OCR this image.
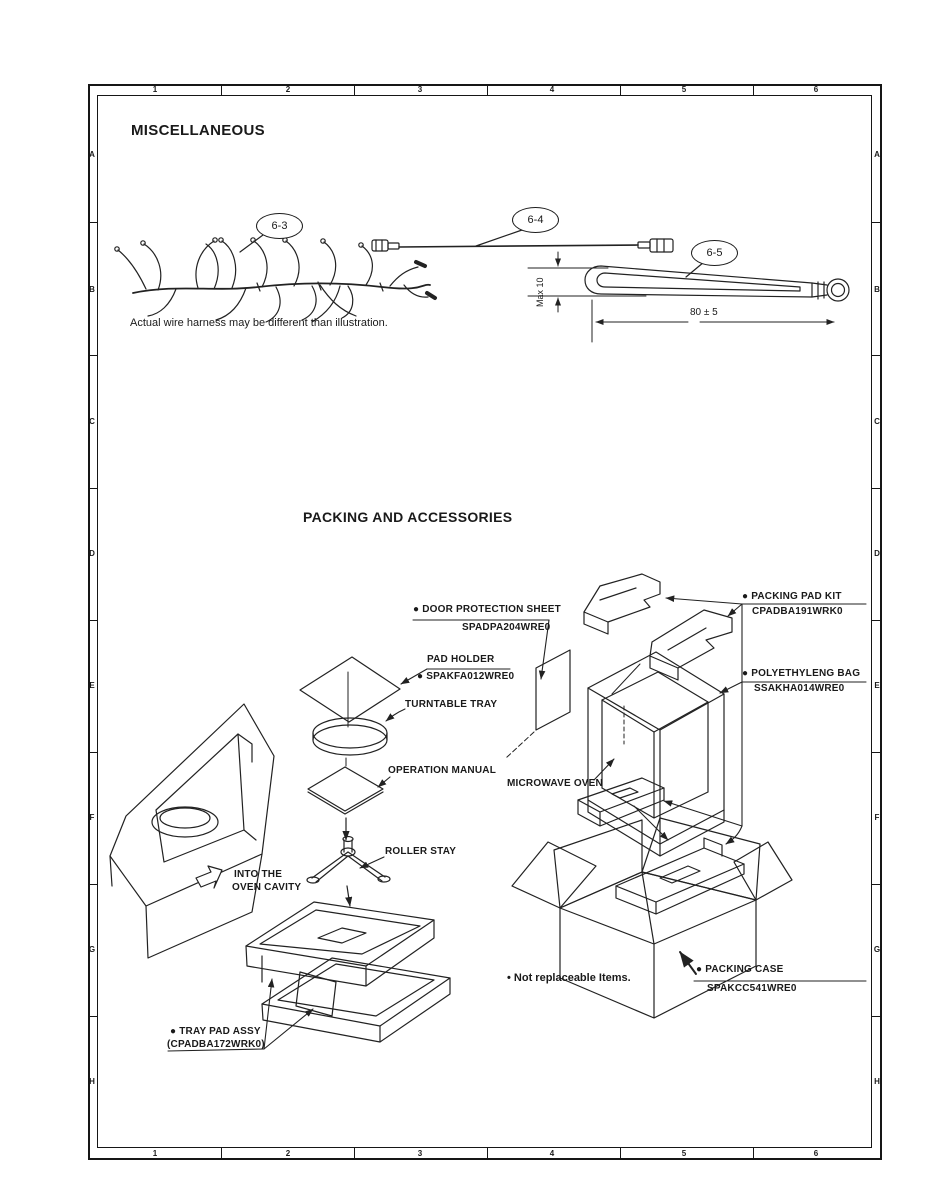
1	2	3	4	5	6
1	2	3	4	5	6
A
B
C
D
E
F
G
H
A
B
C
D
E
F
G
H
MISCELLANEOUS
Actual wire harness may be different than illustration.
PACKING AND ACCESSORIES
6-3	6-4
6-5
Max 10
80 ± 5
● DOOR PROTECTION SHEET
SPADPA204WRE0
PAD HOLDER
● SPAKFA012WRE0
TURNTABLE TRAY
OPERATION MANUAL
ROLLER STAY
INTO THE
OVEN CAVITY
● TRAY PAD ASSY
(CPADBA172WRK0)
● PACKING PAD KIT
CPADBA191WRK0
● POLYETHYLENG BAG
SSAKHA014WRE0
MICROWAVE OVEN
• Not replaceable Items.
● PACKING CASE
SPAKCC541WRE0
